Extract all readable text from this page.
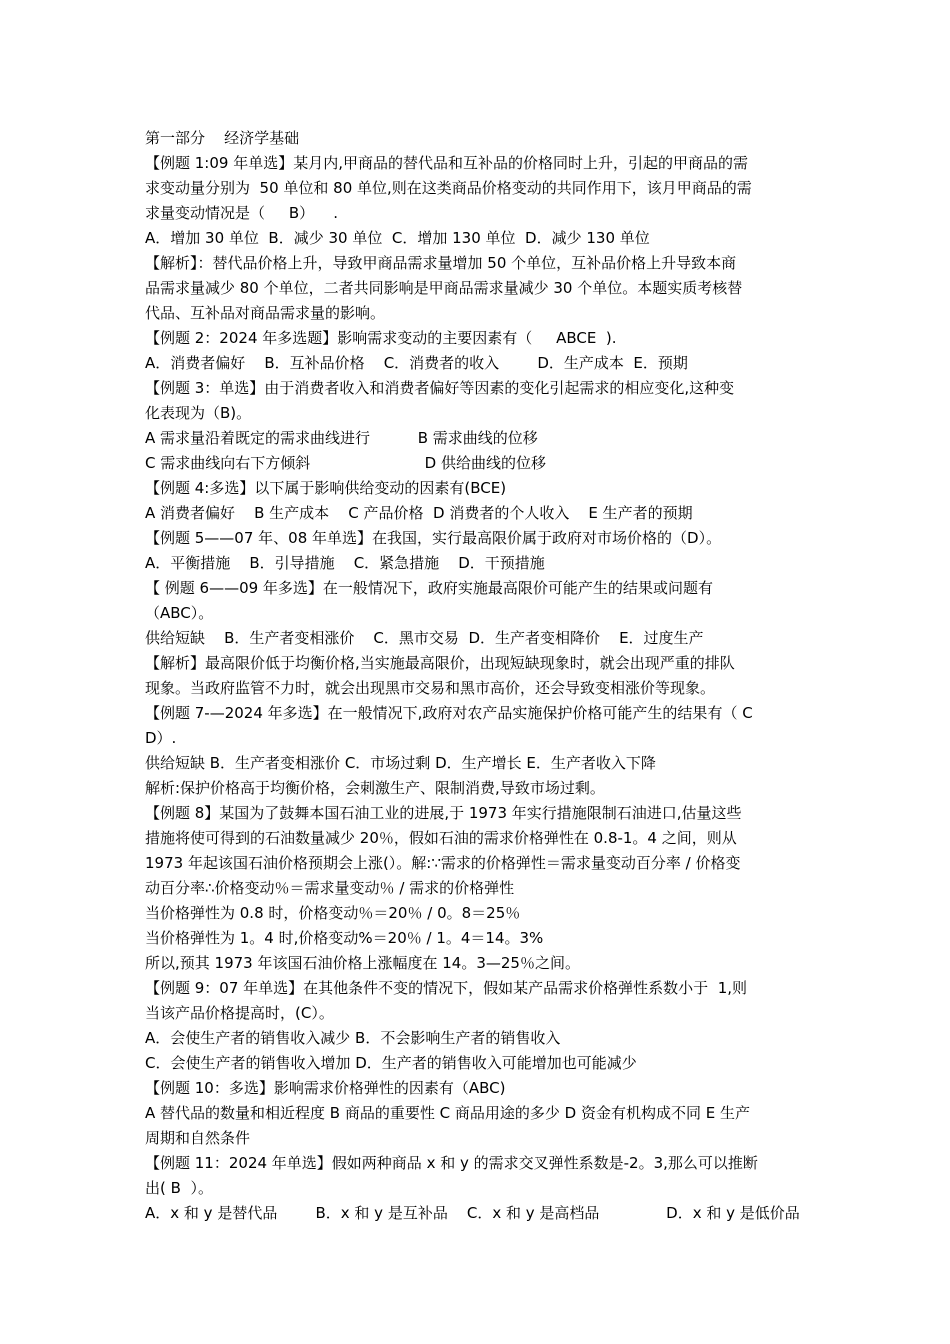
第一部分    经济学基础
【例题 1:09 年单选】某月内,甲商品的替代品和互补品的价格同时上升，引起的甲商品的需
求变动量分别为  50 单位和 80 单位,则在这类商品价格变动的共同作用下，该月甲商品的需
求量变动情况是（     B）    .
A．增加 30 单位  B．减少 30 单位  C．增加 130 单位  D．减少 130 单位
【解析】：替代品价格上升，导致甲商品需求量增加 50 个单位，互补品价格上升导致本商
品需求量减少 80 个单位，二者共同影响是甲商品需求量减少 30 个单位。本题实质考核替
代品、互补品对商品需求量的影响。
【例题 2：2024 年多选题】影响需求变动的主要因素有（     ABCE  ).
A．消费者偏好    B．互补品价格    C．消费者的收入        D．生产成本  E．预期
【例题 3：单选】由于消费者收入和消费者偏好等因素的变化引起需求的相应变化,这种变
化表现为（B)。
A 需求量沿着既定的需求曲线进行          B 需求曲线的位移
C 需求曲线向右下方倾斜                        D 供给曲线的位移
【例题 4:多选】以下属于影响供给变动的因素有(BCE)
A 消费者偏好    B 生产成本    C 产品价格  D 消费者的个人收入    E 生产者的预期
【例题 5——07 年、08 年单选】在我国，实行最高限价属于政府对市场价格的（D）。
A．平衡措施    B．引导措施    C．紧急措施    D．干预措施
【 例题 6——09 年多选】在一般情况下，政府实施最高限价可能产生的结果或问题有
（ABC）。
供给短缺    B．生产者变相涨价    C．黑市交易  D．生产者变相降价    E．过度生产
【解析】最高限价低于均衡价格,当实施最高限价，出现短缺现象时，就会出现严重的排队
现象。当政府监管不力时，就会出现黑市交易和黑市高价，还会导致变相涨价等现象。
【例题 7-—2024 年多选】在一般情况下,政府对农产品实施保护价格可能产生的结果有（ C
D）.
供给短缺 B．生产者变相涨价 C．市场过剩 D．生产增长 E．生产者收入下降
解析:保护价格高于均衡价格，会刺激生产、限制消费,导致市场过剩。
【例题 8】某国为了鼓舞本国石油工业的进展,于 1973 年实行措施限制石油进口,估量这些
措施将使可得到的石油数量减少 20％，假如石油的需求价格弹性在 0.8-1。4 之间，则从
1973 年起该国石油价格预期会上涨(）。解:∵需求的价格弹性＝需求量变动百分率 / 价格变
动百分率∴价格变动％＝需求量变动％ / 需求的价格弹性
当价格弹性为 0.8 时，价格变动％＝20％ / 0。8＝25％
当价格弹性为 1。4 时,价格变动%＝20％ / 1。4＝14。3%
所以,预其 1973 年该国石油价格上涨幅度在 14。3—25％之间。
【例题 9：07 年单选】在其他条件不变的情况下，假如某产品需求价格弹性系数小于  1,则
当该产品价格提高时，(C）。
A．会使生产者的销售收入减少 B．不会影响生产者的销售收入
C．会使生产者的销售收入增加 D．生产者的销售收入可能增加也可能减少
【例题 10：多选】影响需求价格弹性的因素有（ABC)
A 替代品的数量和相近程度 B 商品的重要性 C 商品用途的多少 D 资金有机构成不同 E 生产
周期和自然条件
【例题 11：2024 年单选】假如两种商品 x 和 y 的需求交叉弹性系数是-2。3,那么可以推断
出( B  ）。
A．x 和 y 是替代品        B．x 和 y 是互补品    C．x 和 y 是高档品              D．x 和 y 是低价品
